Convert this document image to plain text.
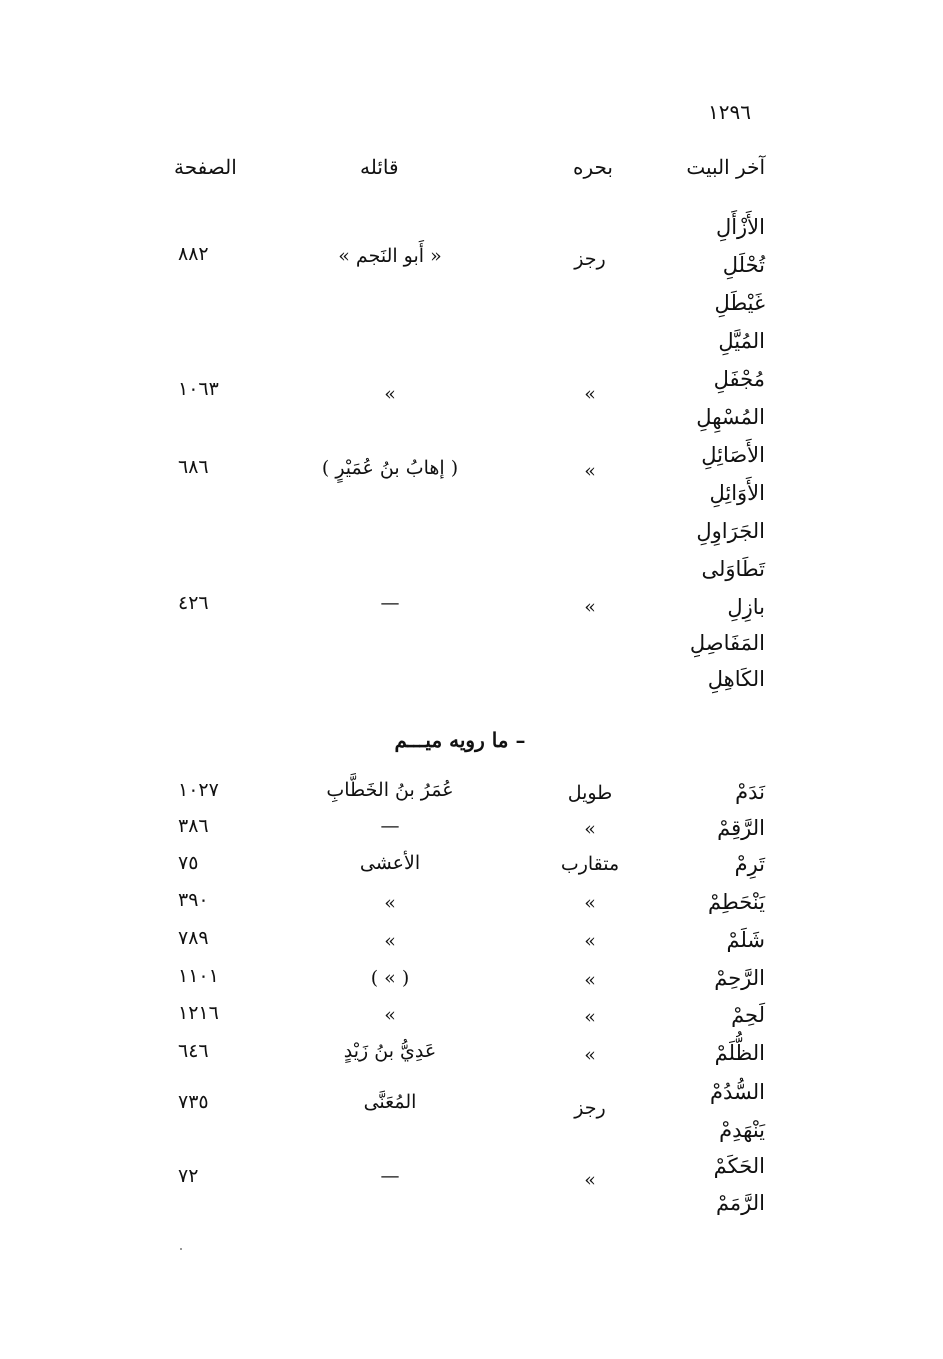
١٢٩٦
آخر البيت
بحره
قائله
الصفحة
الأَزْأَلِ
تُحْلَلِ
غَيْطَلِ
المُيَّلِ
مُجْفَلِ
المُسْهِلِ
الأَصَائِلِ
الأَوَائِلِ
الجَرَاوِلِ
تَطَاوَلى
بازِلِ
المَفَاصِلِ
الكَاهِلِ
رجز
« أَبو النَجم »
٨٨٢
»
»
١٠٦٣
»
( إهابُ بنُ عُمَيْرٍ )
٦٨٦
»
—
٤٢٦
– ما رويه ميـــم
نَدَمْ
طويل
عُمَرُ بنُ الخَطَّابِ
١٠٢٧
الرَّقِمْ
»
—
٣٨٦
تَرِمْ
متقارب
الأعشى
٧٥
يَنْحَطِمْ
»
»
٣٩٠
شَلَمْ
»
»
٧٨٩
الرَّحِمْ
»
( » )
١١٠١
لَحِمْ
»
»
١٢١٦
الظُّلَمْ
»
عَدِيُّ بنُ زَيْدٍ
٦٤٦
السُّدُمْ
رجز
المُعَنَّى
٧٣٥
يَنْهَدِمْ
الحَكَمْ
»
—
٧٢
الرَّمَمْ
